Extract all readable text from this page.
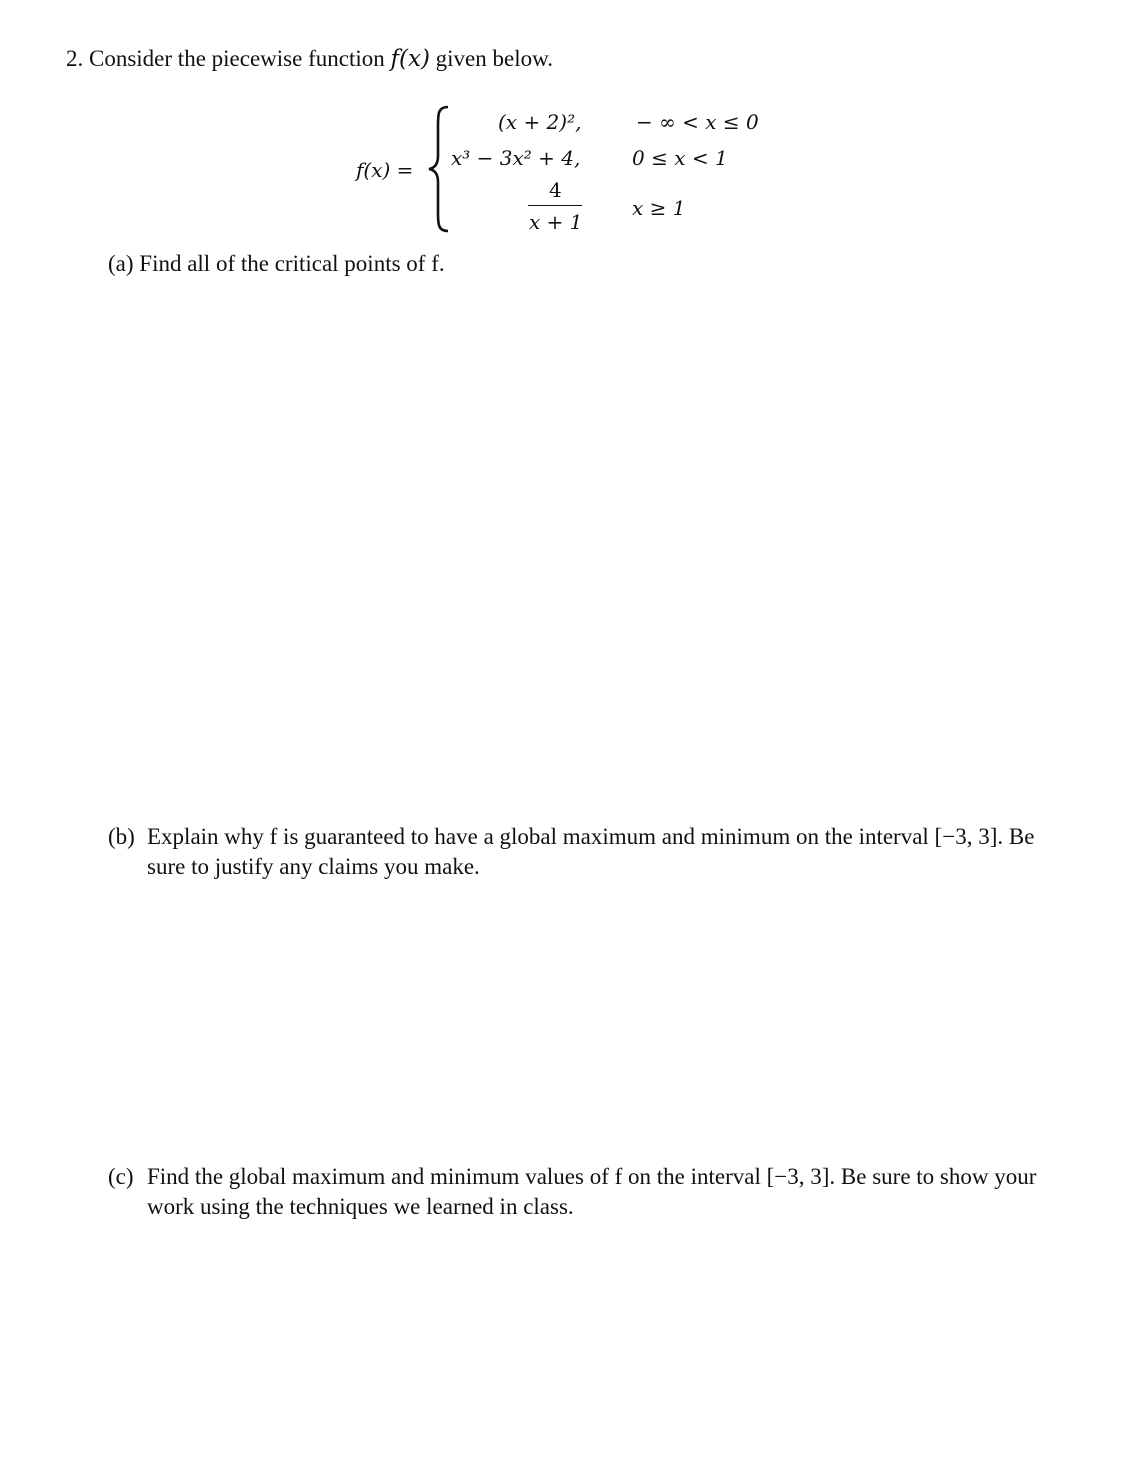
2. Consider the piecewise function f(x) given below.
f(x) =
(x + 2)²,	− ∞ < x ≤ 0
x³ − 3x² + 4,	0 ≤ x < 1
4
x + 1
x ≥ 1
(a) Find all of the critical points of f.
(b) Explain why f is guaranteed to have a global maximum and minimum on the interval [−3, 3]. Be sure to justify any claims you make.
(c) Find the global maximum and minimum values of f on the interval [−3, 3]. Be sure to show your work using the techniques we learned in class.
